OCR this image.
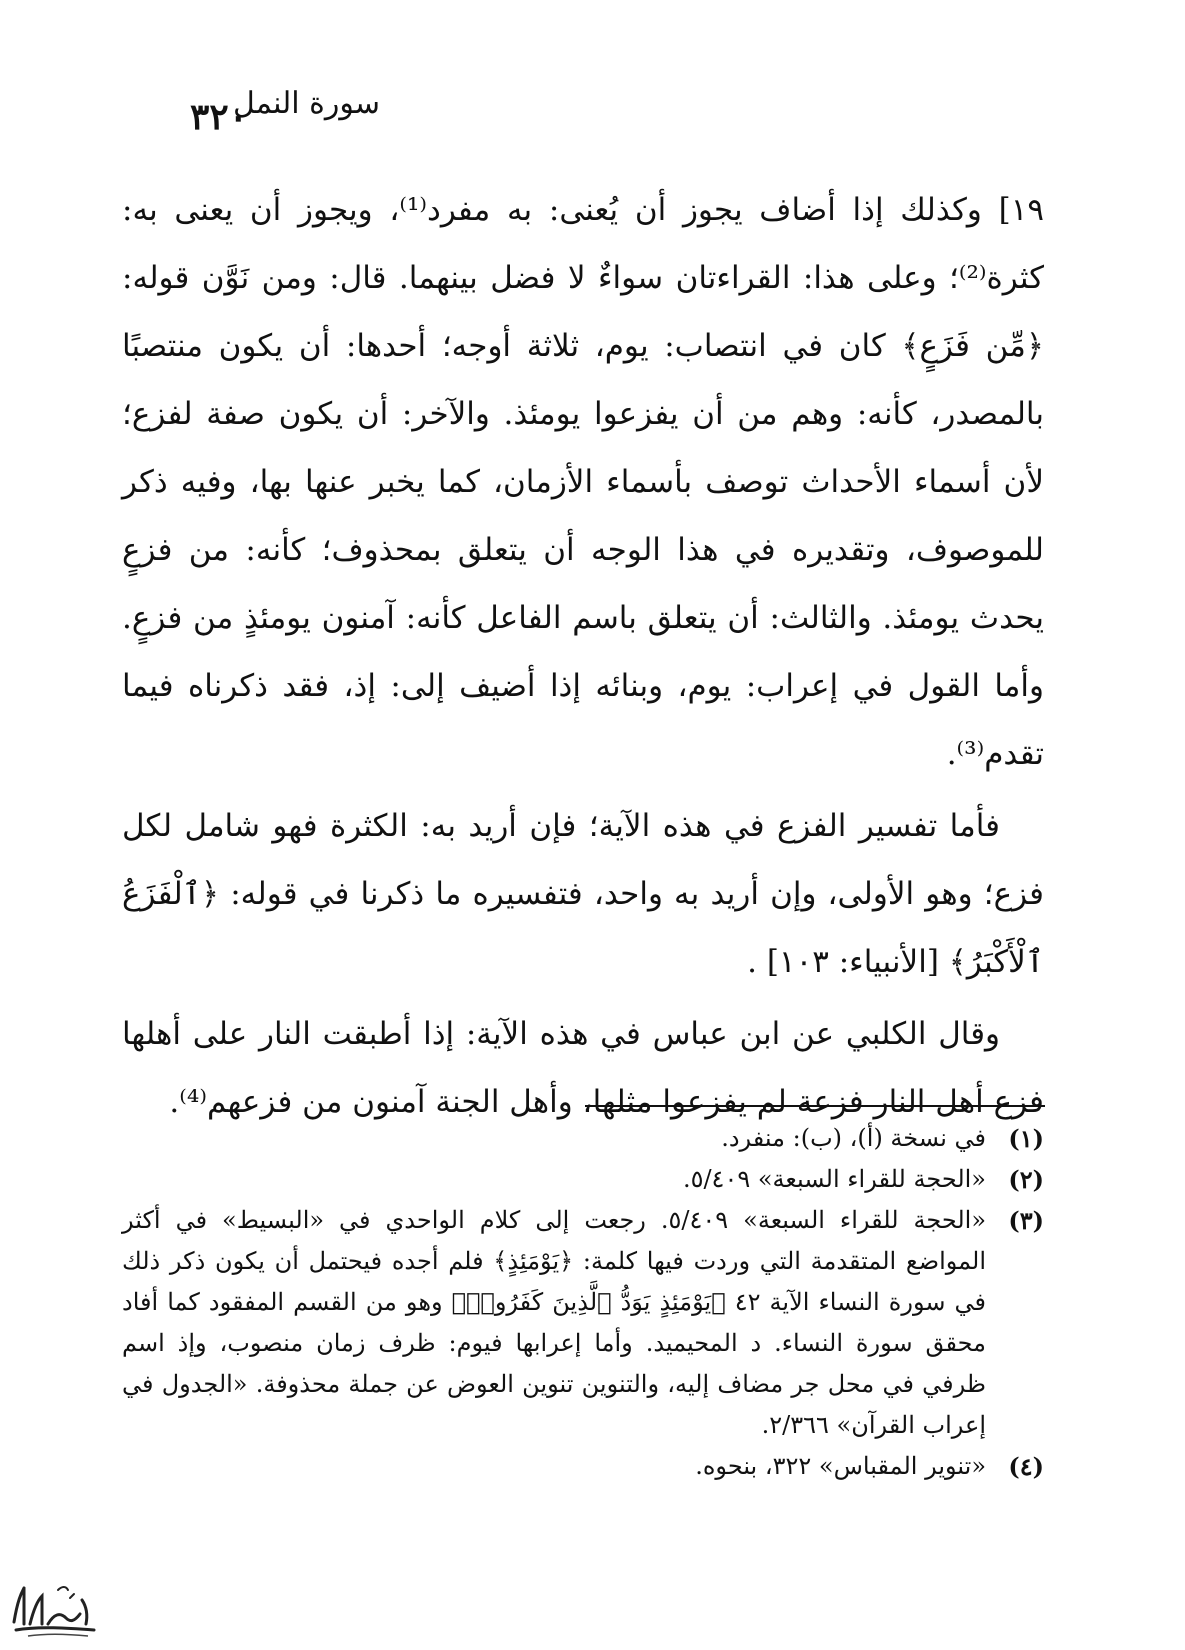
٣٢٠
سورة النمل

١٩] وكذلك إذا أضاف يجوز أن يُعنى: به مفرد⁽¹⁾، ويجوز أن يعنى به: كثرة⁽²⁾؛ وعلى هذا: القراءتان سواءٌ لا فضل بينهما. قال: ومن نَوَّن قوله: ﴿مِّن فَزَعٍ﴾ كان في انتصاب: يوم، ثلاثة أوجه؛ أحدها: أن يكون منتصبًا بالمصدر، كأنه: وهم من أن يفزعوا يومئذ. والآخر: أن يكون صفة لفزع؛ لأن أسماء الأحداث توصف بأسماء الأزمان، كما يخبر عنها بها، وفيه ذكر للموصوف، وتقديره في هذا الوجه أن يتعلق بمحذوف؛ كأنه: من فزعٍ يحدث يومئذ. والثالث: أن يتعلق باسم الفاعل كأنه: آمنون يومئذٍ من فزعٍ. وأما القول في إعراب: يوم، وبنائه إذا أضيف إلى: إذ، فقد ذكرناه فيما تقدم⁽³⁾.

فأما تفسير الفزع في هذه الآية؛ فإن أريد به: الكثرة فهو شامل لكل فزع؛ وهو الأولى، وإن أريد به واحد، فتفسيره ما ذكرنا في قوله: ﴿ٱلْفَزَعُ ٱلْأَكْبَرُ﴾ [الأنبياء: ١٠٣] .

وقال الكلبي عن ابن عباس في هذه الآية: إذا أطبقت النار على أهلها فزع أهل النار فزعة لم يفزعوا مثلها، وأهل الجنة آمنون من فزعهم⁽⁴⁾.

(١)
في نسخة (أ)، (ب): منفرد.
(٢)
«الحجة للقراء السبعة» ٥/٤٠٩.
(٣)
«الحجة للقراء السبعة» ٥/٤٠٩. رجعت إلى كلام الواحدي في «البسيط» في أكثر المواضع المتقدمة التي وردت فيها كلمة: ﴿يَوْمَئِذٍ﴾ فلم أجده فيحتمل أن يكون ذكر ذلك في سورة النساء الآية ٤٢ ﴿يَوْمَئِذٍ يَوَدُّ ٱلَّذِينَ كَفَرُوا۟﴾ وهو من القسم المفقود كما أفاد محقق سورة النساء. د المحيميد. وأما إعرابها فيوم: ظرف زمان منصوب، وإذ اسم ظرفي في محل جر مضاف إليه، والتنوين تنوين العوض عن جملة محذوفة. «الجدول في إعراب القرآن» ٢/٣٦٦.
(٤)
«تنوير المقباس» ٣٢٢، بنحوه.
